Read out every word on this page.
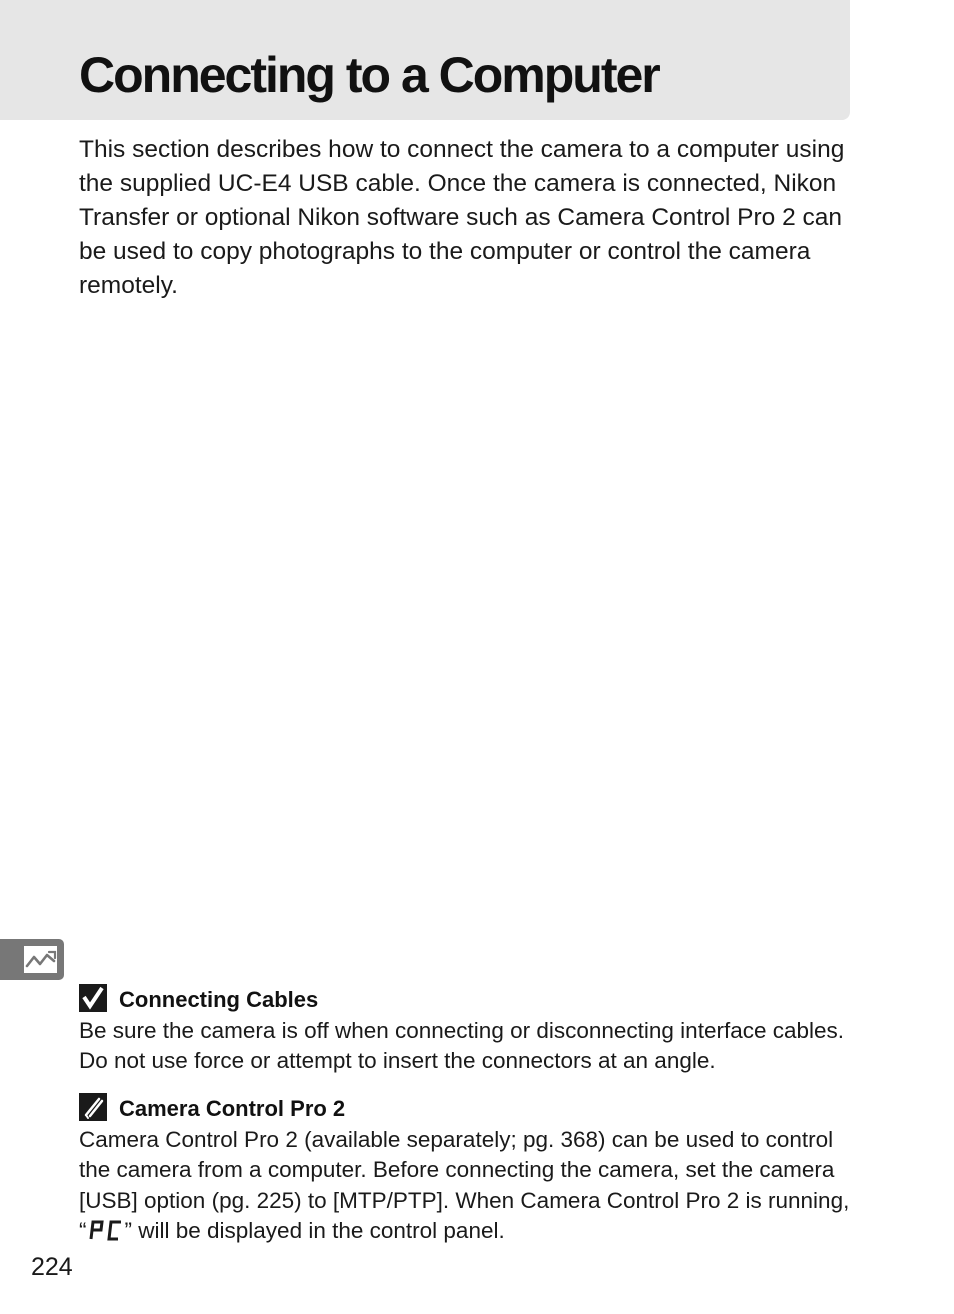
Connecting to a Computer

This section describes how to connect the camera to a computer using the supplied UC-E4 USB cable. Once the camera is connected, Nikon Transfer or optional Nikon software such as Camera Control Pro 2 can be used to copy photographs to the computer or control the camera remotely.

Connecting Cables

Be sure the camera is off when connecting or disconnecting interface cables. Do not use force or attempt to insert the connectors at an angle.

Camera Control Pro 2

Camera Control Pro 2 (available separately; pg. 368) can be used to control the camera from a computer. Before connecting the camera, set the camera [USB] option (pg. 225) to [MTP/PTP]. When Camera Control Pro 2 is running, “ ” will be displayed in the control panel.

224
